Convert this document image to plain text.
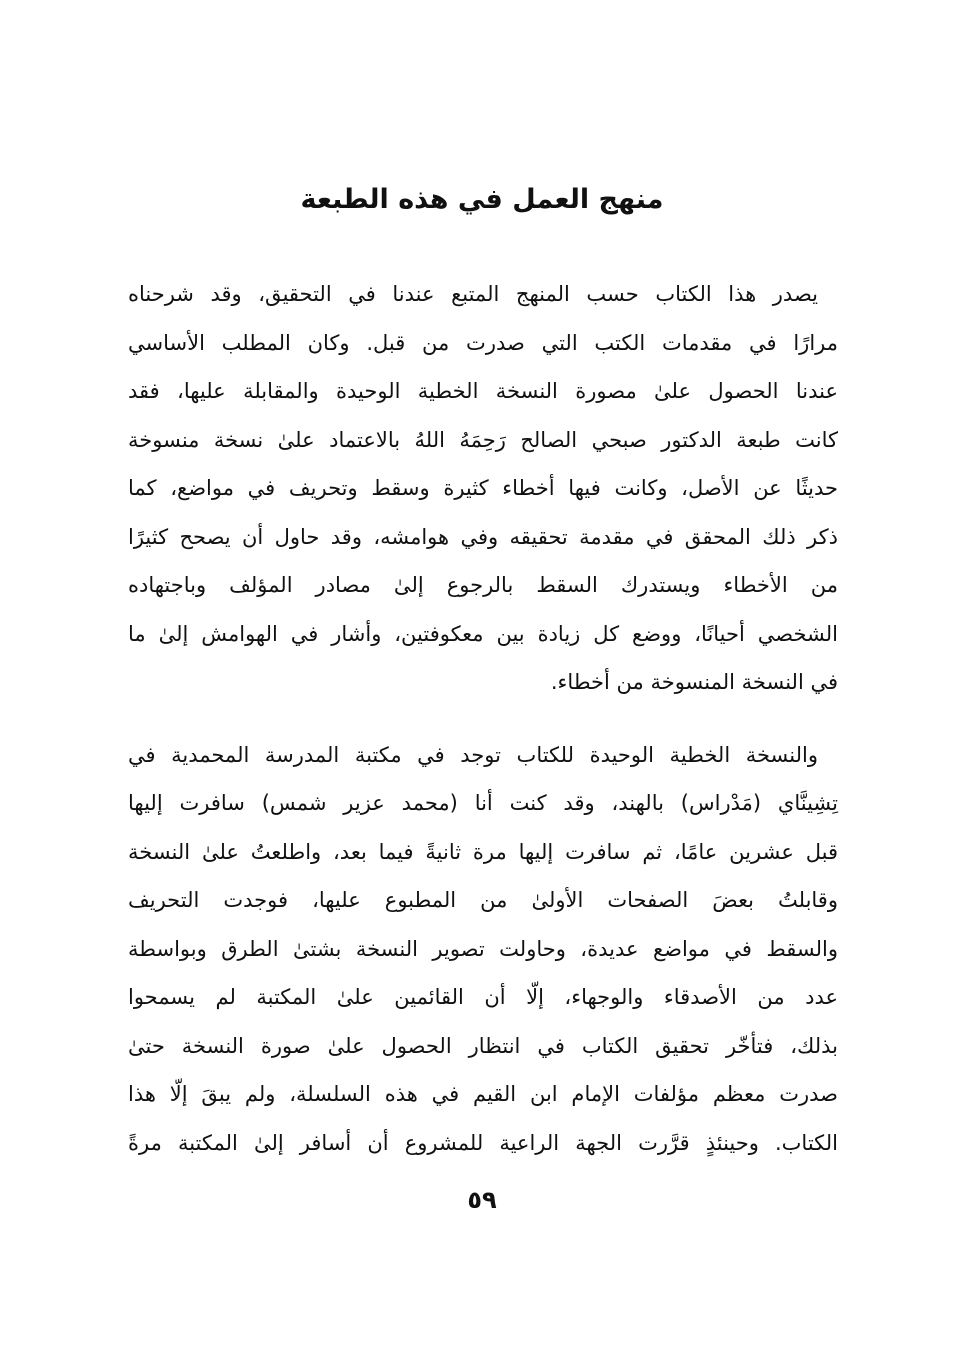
منهج العمل في هذه الطبعة
يصدر هذا الكتاب حسب المنهج المتبع عندنا في التحقيق، وقد شرحناه
مرارًا في مقدمات الكتب التي صدرت من قبل. وكان المطلب الأساسي
عندنا الحصول علىٰ مصورة النسخة الخطية الوحيدة والمقابلة عليها، فقد
كانت طبعة الدكتور صبحي الصالح رَحِمَهُ اللهُ بالاعتماد علىٰ نسخة منسوخة
حديثًا عن الأصل، وكانت فيها أخطاء كثيرة وسقط وتحريف في مواضع، كما
ذكر ذلك المحقق في مقدمة تحقيقه وفي هوامشه، وقد حاول أن يصحح كثيرًا
من الأخطاء ويستدرك السقط بالرجوع إلىٰ مصادر المؤلف وباجتهاده
الشخصي أحيانًا، ووضع كل زيادة بين معكوفتين، وأشار في الهوامش إلىٰ ما
في النسخة المنسوخة من أخطاء.
والنسخة الخطية الوحيدة للكتاب توجد في مكتبة المدرسة المحمدية في
تِشِينَّاي (مَدْراس) بالهند، وقد كنت أنا (محمد عزير شمس) سافرت إليها
قبل عشرين عامًا، ثم سافرت إليها مرة ثانيةً فيما بعد، واطلعتُ علىٰ النسخة
وقابلتُ بعضَ الصفحات الأولىٰ من المطبوع عليها، فوجدت التحريف
والسقط في مواضع عديدة، وحاولت تصوير النسخة بشتىٰ الطرق وبواسطة
عدد من الأصدقاء والوجهاء، إلّا أن القائمين علىٰ المكتبة لم يسمحوا
بذلك، فتأخّر تحقيق الكتاب في انتظار الحصول علىٰ صورة النسخة حتىٰ
صدرت معظم مؤلفات الإمام ابن القيم في هذه السلسلة، ولم يبقَ إلّا هذا
الكتاب. وحينئذٍ قرَّرت الجهة الراعية للمشروع أن أسافر إلىٰ المكتبة مرةً
٥٩
